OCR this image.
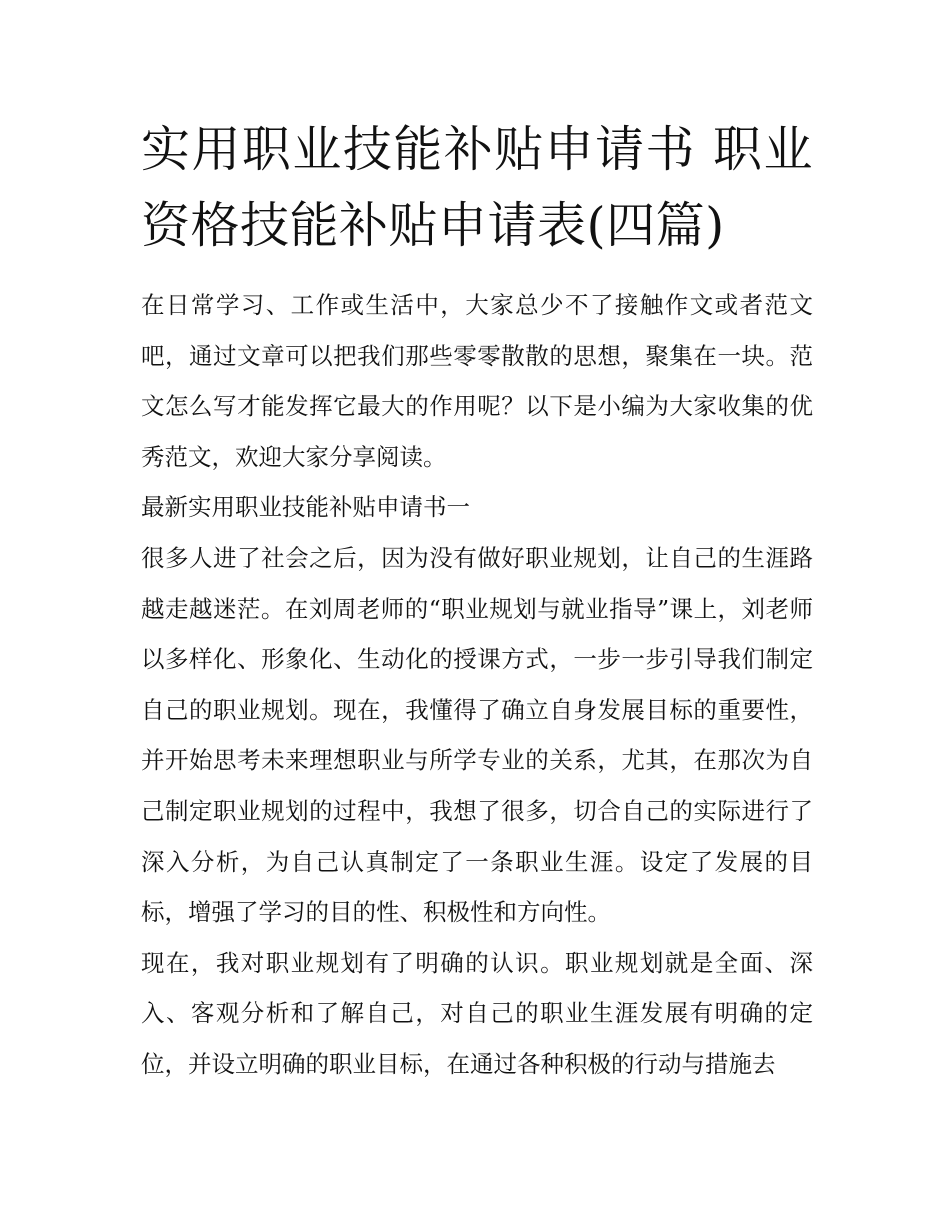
实用职业技能补贴申请书 职业资格技能补贴申请表(四篇)

在日常学习、工作或生活中，大家总少不了接触作文或者范文吧，通过文章可以把我们那些零零散散的思想，聚集在一块。范文怎么写才能发挥它最大的作用呢？以下是小编为大家收集的优秀范文，欢迎大家分享阅读。

最新实用职业技能补贴申请书一

很多人进了社会之后，因为没有做好职业规划，让自己的生涯路越走越迷茫。在刘周老师的“职业规划与就业指导”课上，刘老师以多样化、形象化、生动化的授课方式，一步一步引导我们制定自己的职业规划。现在，我懂得了确立自身发展目标的重要性，并开始思考未来理想职业与所学专业的关系，尤其，在那次为自己制定职业规划的过程中，我想了很多，切合自己的实际进行了深入分析，为自己认真制定了一条职业生涯。设定了发展的目标，增强了学习的目的性、积极性和方向性。

现在，我对职业规划有了明确的认识。职业规划就是全面、深入、客观分析和了解自己，对自己的职业生涯发展有明确的定位，并设立明确的职业目标，在通过各种积极的行动与措施去
